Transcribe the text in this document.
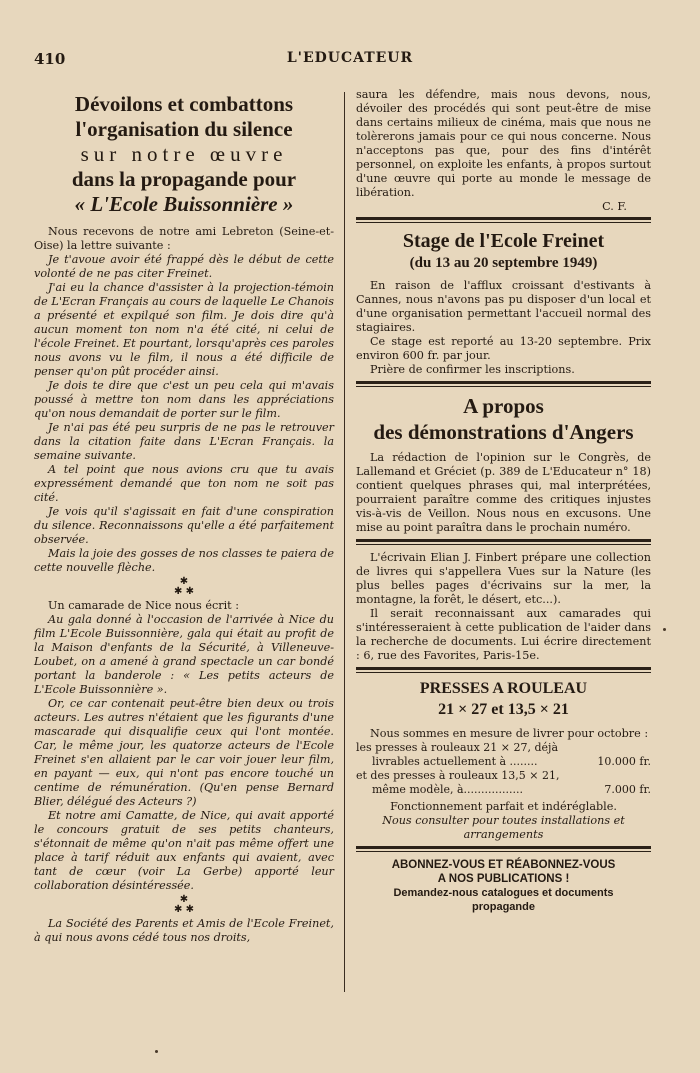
410	L'EDUCATEUR
Dévoilons et combattons
l'organisation du silence
sur notre œuvre
dans la propagande pour
« L'Ecole Buissonnière »

Nous recevons de notre ami Lebreton (Seine-et-Oise) la lettre suivante :

Je t'avoue avoir été frappé dès le début de cette volonté de ne pas citer Freinet.

J'ai eu la chance d'assister à la projection-témoin de L'Ecran Français au cours de laquelle Le Chanois a présenté et expilqué son film. Je dois dire qu'à aucun moment ton nom n'a été cité, ni celui de l'école Freinet. Et pourtant, lorsqu'après ces paroles nous avons vu le film, il nous a été difficile de penser qu'on pût procéder ainsi.

Je dois te dire que c'est un peu cela qui m'avais poussé à mettre ton nom dans les appréciations qu'on nous demandait de porter sur le film.

Je n'ai pas été peu surpris de ne pas le retrouver dans la citation faite dans L'Ecran Français. la semaine suivante.

A tel point que nous avions cru que tu avais expressément demandé que ton nom ne soit pas cité.

Je vois qu'il s'agissait en fait d'une conspiration du silence. Reconnaissons qu'elle a été parfaitement observée.

Mais la joie des gosses de nos classes te paiera de cette nouvelle flèche.

✱
✱ ✱

Un camarade de Nice nous écrit :

Au gala donné à l'occasion de l'arrivée à Nice du film L'Ecole Buissonnière, gala qui était au profit de la Maison d'enfants de la Sécurité, à Villeneuve-Loubet, on a amené à grand spectacle un car bondé portant la banderole : « Les petits acteurs de L'Ecole Buissonnière ».

Or, ce car contenait peut-être bien deux ou trois acteurs. Les autres n'étaient que les figurants d'une mascarade qui disqualifie ceux qui l'ont montée. Car, le même jour, les quatorze acteurs de l'Ecole Freinet s'en allaient par le car voir jouer leur film, en payant — eux, qui n'ont pas encore touché un centime de rémunération. (Qu'en pense Bernard Blier, délégué des Acteurs ?)

Et notre ami Camatte, de Nice, qui avait apporté le concours gratuit de ses petits chanteurs, s'étonnait de même qu'on n'ait pas même offert une place à tarif réduit aux enfants qui avaient, avec tant de cœur (voir La Gerbe) apporté leur collaboration désintéressée.

✱
✱ ✱

La Société des Parents et Amis de l'Ecole Freinet, à qui nous avons cédé tous nos droits,

saura les défendre, mais nous devons, nous, dévoiler des procédés qui sont peut-être de mise dans certains milieux de cinéma, mais que nous ne tolèrerons jamais pour ce qui nous concerne. Nous n'acceptons pas que, pour des fins d'intérêt personnel, on exploite les enfants, à propos surtout d'une œuvre qui porte au monde le message de libération.

C. F.
Stage de l'Ecole Freinet
(du 13 au 20 septembre 1949)

En raison de l'afflux croissant d'estivants à Cannes, nous n'avons pas pu disposer d'un local et d'une organisation permettant l'accueil normal des stagiaires.

Ce stage est reporté au 13-20 septembre. Prix environ 600 fr. par jour.

Prière de confirmer les inscriptions.

A propos
des démonstrations d'Angers

La rédaction de l'opinion sur le Congrès, de Lallemand et Gréciet (p. 389 de L'Educateur n° 18) contient quelques phrases qui, mal interprétées, pourraient paraître comme des critiques injustes vis-à-vis de Veillon. Nous nous en excusons. Une mise au point paraîtra dans le prochain numéro.

L'écrivain Elian J. Finbert prépare une collection de livres qui s'appellera Vues sur la Nature (les plus belles pages d'écrivains sur la mer, la montagne, la forêt, le désert, etc...).

Il serait reconnaissant aux camarades qui s'intéresseraient à cette publication de l'aider dans la recherche de documents. Lui écrire directement : 6, rue des Favorites, Paris-15e.

PRESSES A ROULEAU
21 × 27 et 13,5 × 21

Nous sommes en mesure de livrer pour octobre :

les presses à rouleaux 21 × 27, déjà
livrables actuellement à ........	10.000 fr.
et des presses à rouleaux 13,5 × 21,
même modèle, à.................	7.000 fr.

Fonctionnement parfait et indéréglable.

Nous consulter pour toutes installations et arrangements

ABONNEZ-VOUS ET RÉABONNEZ-VOUS
A NOS PUBLICATIONS !
Demandez-nous catalogues et documents
propagande
